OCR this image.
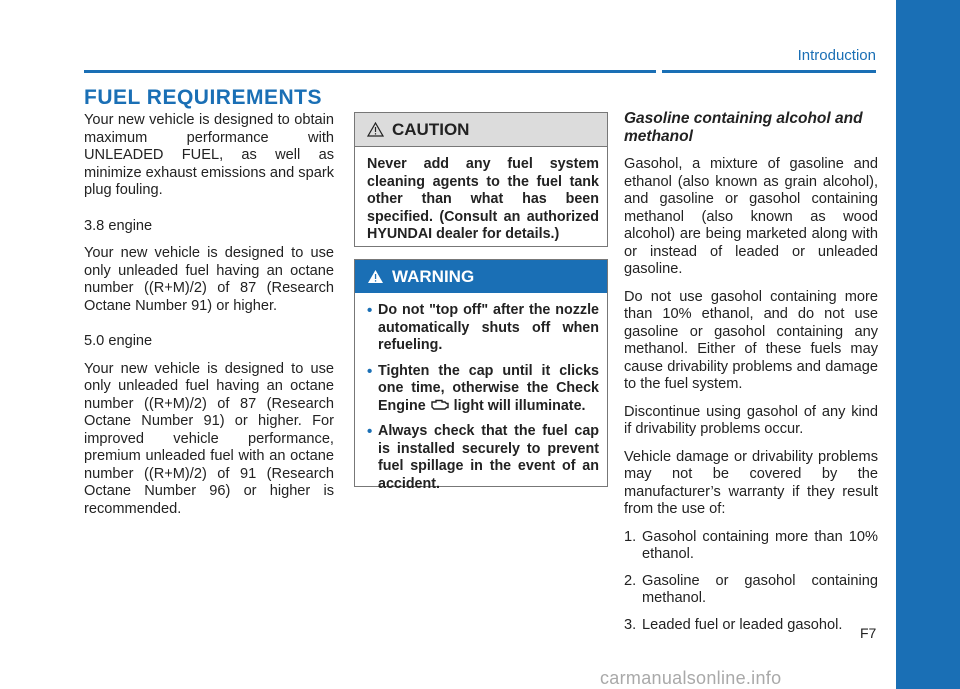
Introduction
FUEL REQUIREMENTS

Your new vehicle is designed to obtain maximum performance with UNLEADED FUEL, as well as minimize exhaust emissions and spark plug fouling.

3.8 engine

Your new vehicle is designed to use only unleaded fuel having an octane number ((R+M)/2) of 87 (Research Octane Number 91) or higher.

5.0 engine

Your new vehicle is designed to use only unleaded fuel having an octane number ((R+M)/2) of 87 (Research Octane Number 91) or higher. For improved vehicle performance, premium unleaded fuel with an octane number ((R+M)/2) of 91 (Research Octane Number 96) or higher is recommended.

CAUTION
Never add any fuel system cleaning agents to the fuel tank other than what has been specified. (Consult an authorized HYUNDAI dealer for details.)
WARNING
• Do not "top off" after the nozzle automatically shuts off when refueling.
• Tighten the cap until it clicks one time, otherwise the Check Engine light will illuminate.
• Always check that the fuel cap is installed securely to prevent fuel spillage in the event of an accident.
Gasoline containing alcohol and methanol

Gasohol, a mixture of gasoline and ethanol (also known as grain alcohol), and gasoline or gasohol containing methanol (also known as wood alcohol) are being marketed along with or instead of leaded or unleaded gasoline.

Do not use gasohol containing more than 10% ethanol, and do not use gasoline or gasohol containing any methanol. Either of these fuels may cause drivability problems and damage to the fuel system.

Discontinue using gasohol of any kind if drivability problems occur.

Vehicle damage or drivability problems may not be covered by the manufacturer’s warranty if they result from the use of:

1. Gasohol containing more than 10% ethanol.
2. Gasoline or gasohol containing methanol.
3. Leaded fuel or leaded gasohol.
F7
carmanualsonline.info
